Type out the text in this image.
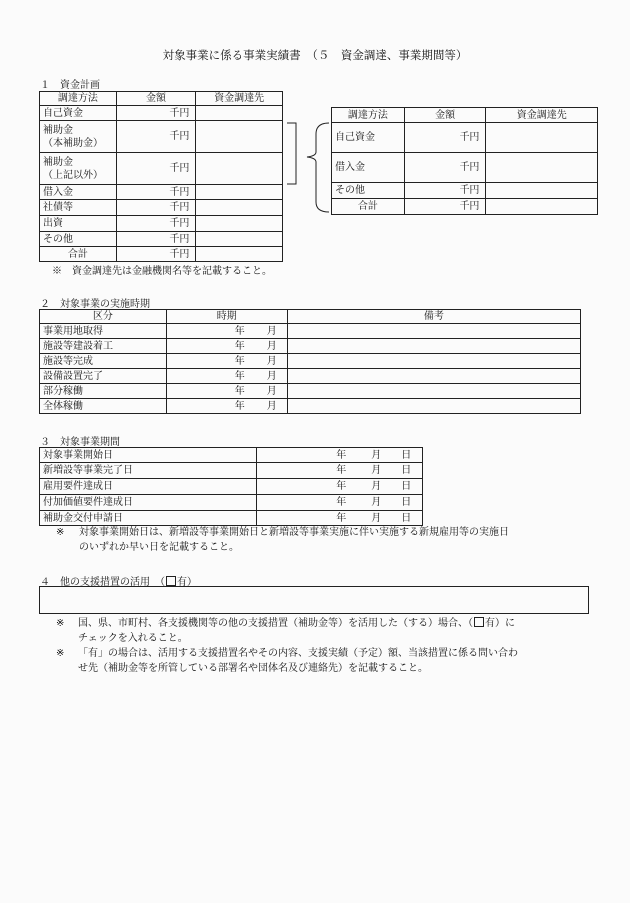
対象事業に係る事業実績書　（５　資金調達、事業期間等）
１　資金計画
調達方法	金額	資金調達先
自己資金	千円	
補助金
（本補助金）	千円	
補助金
（上記以外）	千円	
借入金	千円	
社債等	千円	
出資	千円	
その他	千円	
合計	千円	
調達方法	金額	資金調達先
自己資金	千円	
借入金	千円	
その他	千円	
合計	千円	
※　資金調達先は金融機関名等を記載すること。
２　対象事業の実施時期
区分	時期	備考
事業用地取得	年 月	
施設等建設着工	年 月	
施設等完成	年 月	
設備設置完了	年 月	
部分稼働	年 月	
全体稼働	年 月	
３　対象事業期間
対象事業開始日	年 月 日
新増設等事業完了日	年 月 日
雇用要件達成日	年 月 日
付加価値要件達成日	年 月 日
補助金交付申請日	年 月 日
※ 対象事業開始日は、新増設等事業開始日と新増設等事業実施に伴い実施する新規雇用等の実施日
のいずれか早い日を記載すること。
４　他の支援措置の活用　（ 有）
※ 国、県、市町村、各支援機関等の他の支援措置（補助金等）を活用した（する）場合、（ 有）に
チェックを入れること。
※ 「有」の場合は、活用する支援措置名やその内容、支援実績（予定）額、当該措置に係る問い合わ
せ先（補助金等を所管している部署名や団体名及び連絡先）を記載すること。
